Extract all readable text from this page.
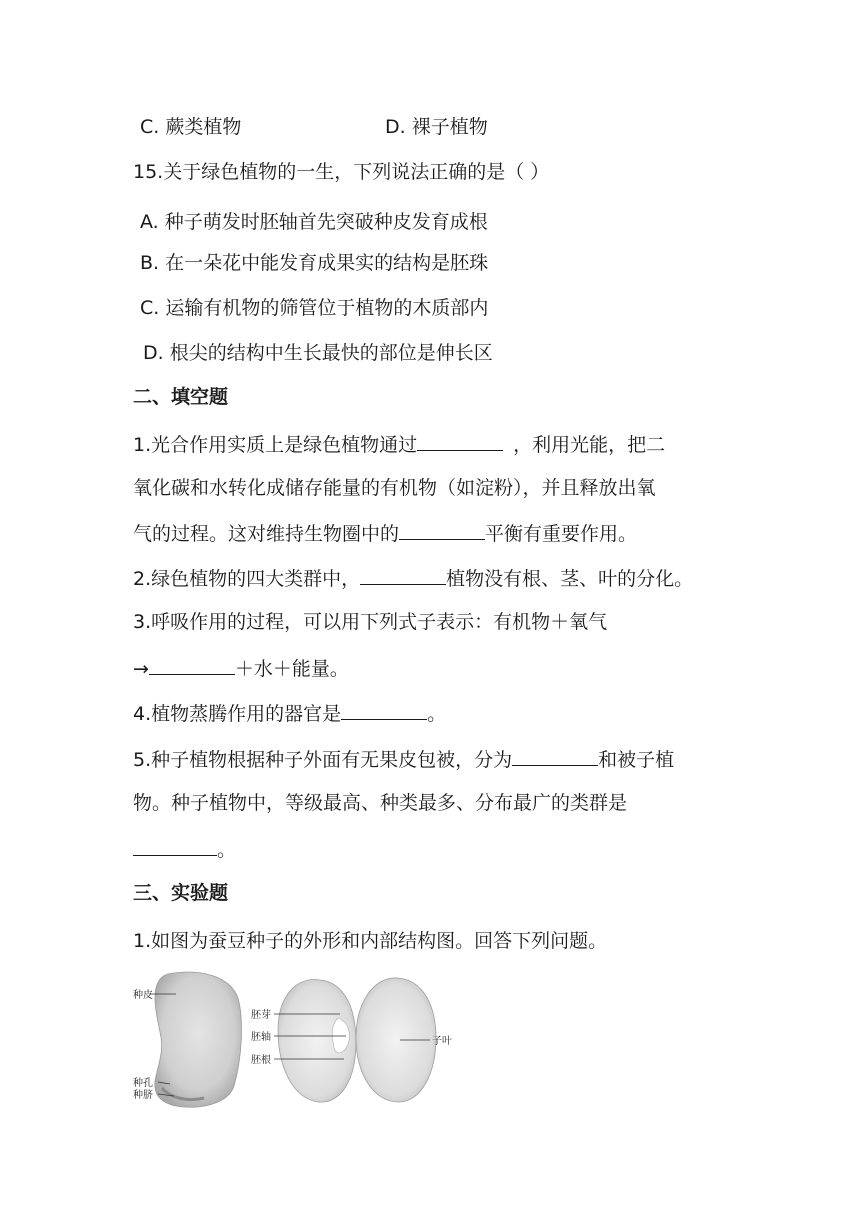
C. 蕨类植物	D. 裸子植物
15.关于绿色植物的一生，下列说法正确的是（ ）
A. 种子萌发时胚轴首先突破种皮发育成根
B. 在一朵花中能发育成果实的结构是胚珠
C. 运输有机物的筛管位于植物的木质部内
D. 根尖的结构中生长最快的部位是伸长区
二、填空题
1.光合作用实质上是绿色植物通过	，利用光能，把二
氧化碳和水转化成储存能量的有机物（如淀粉），并且释放出氧
气的过程。这对维持生物圈中的	平衡有重要作用。
2.绿色植物的四大类群中，	植物没有根、茎、叶的分化。
3.呼吸作用的过程，可以用下列式子表示：有机物＋氧气
→	＋水＋能量。
4.植物蒸腾作用的器官是	。
5.种子植物根据种子外面有无果皮包被，分为	和被子植
物。种子植物中，等级最高、种类最多、分布最广的类群是
。
三、实验题
1.如图为蚕豆种子的外形和内部结构图。回答下列问题。
种皮
种孔
种脐
胚芽
胚轴
胚根
子叶
